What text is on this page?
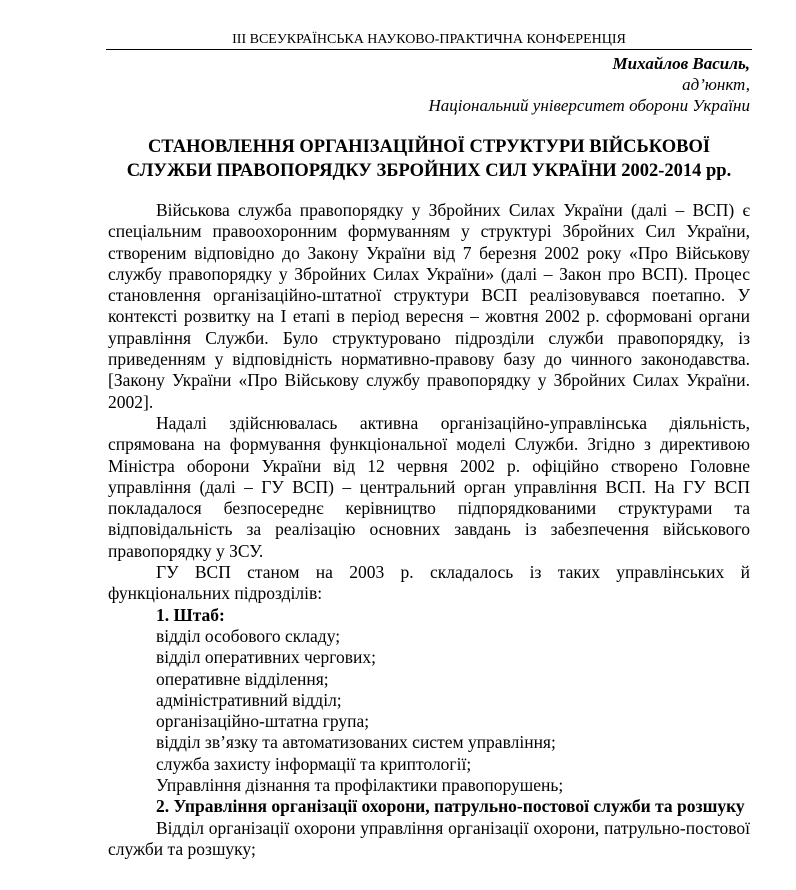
ІІІ ВСЕУКРАЇНСЬКА НАУКОВО-ПРАКТИЧНА КОНФЕРЕНЦІЯ
Михайлов Василь,
ад’юнкт,
Національний університет оборони України
СТАНОВЛЕННЯ ОРГАНІЗАЦІЙНОЇ СТРУКТУРИ ВІЙСЬКОВОЇ
СЛУЖБИ ПРАВОПОРЯДКУ ЗБРОЙНИХ СИЛ УКРАЇНИ 2002-2014 рр.

Військова служба правопорядку у Збройних Силах України (далі – ВСП) є спеціальним правоохоронним формуванням у структурі Збройних Сил України, створеним відповідно до Закону України від 7 березня 2002 року «Про Військову службу правопорядку у Збройних Силах України» (далі – Закон про ВСП). Процес становлення організаційно-штатної структури ВСП реалізовувався поетапно. У контексті розвитку на І етапі в період вересня – жовтня 2002 р. сформовані органи управління Служби. Було структуровано підрозділи служби правопорядку, із приведенням у відповідність нормативно-правову базу до чинного законодавства. [Закону України «Про Військову службу правопорядку у Збройних Силах України. 2002].

Надалі здійснювалась активна організаційно-управлінська діяльність, спрямована на формування функціональної моделі Служби. Згідно з директивою Міністра оборони України від 12 червня 2002 р. офіційно створено Головне управління (далі – ГУ ВСП) – центральний орган управління ВСП. На ГУ ВСП покладалося безпосереднє керівництво підпорядкованими структурами та відповідальність за реалізацію основних завдань із забезпечення військового правопорядку у ЗСУ.

ГУ ВСП станом на 2003 р. складалось із таких управлінських й функціональних підрозділів:

1. Штаб:
відділ особового складу;
відділ оперативних чергових;
оперативне відділення;
адміністративний відділ;
організаційно-штатна група;
відділ зв’язку та автоматизованих систем управління;
служба захисту інформації та криптології;
Управління дізнання та профілактики правопорушень;

2. Управління організації охорони, патрульно-постової служби та розшуку

Відділ організації охорони управління організації охорони, патрульно-постової служби та розшуку;
